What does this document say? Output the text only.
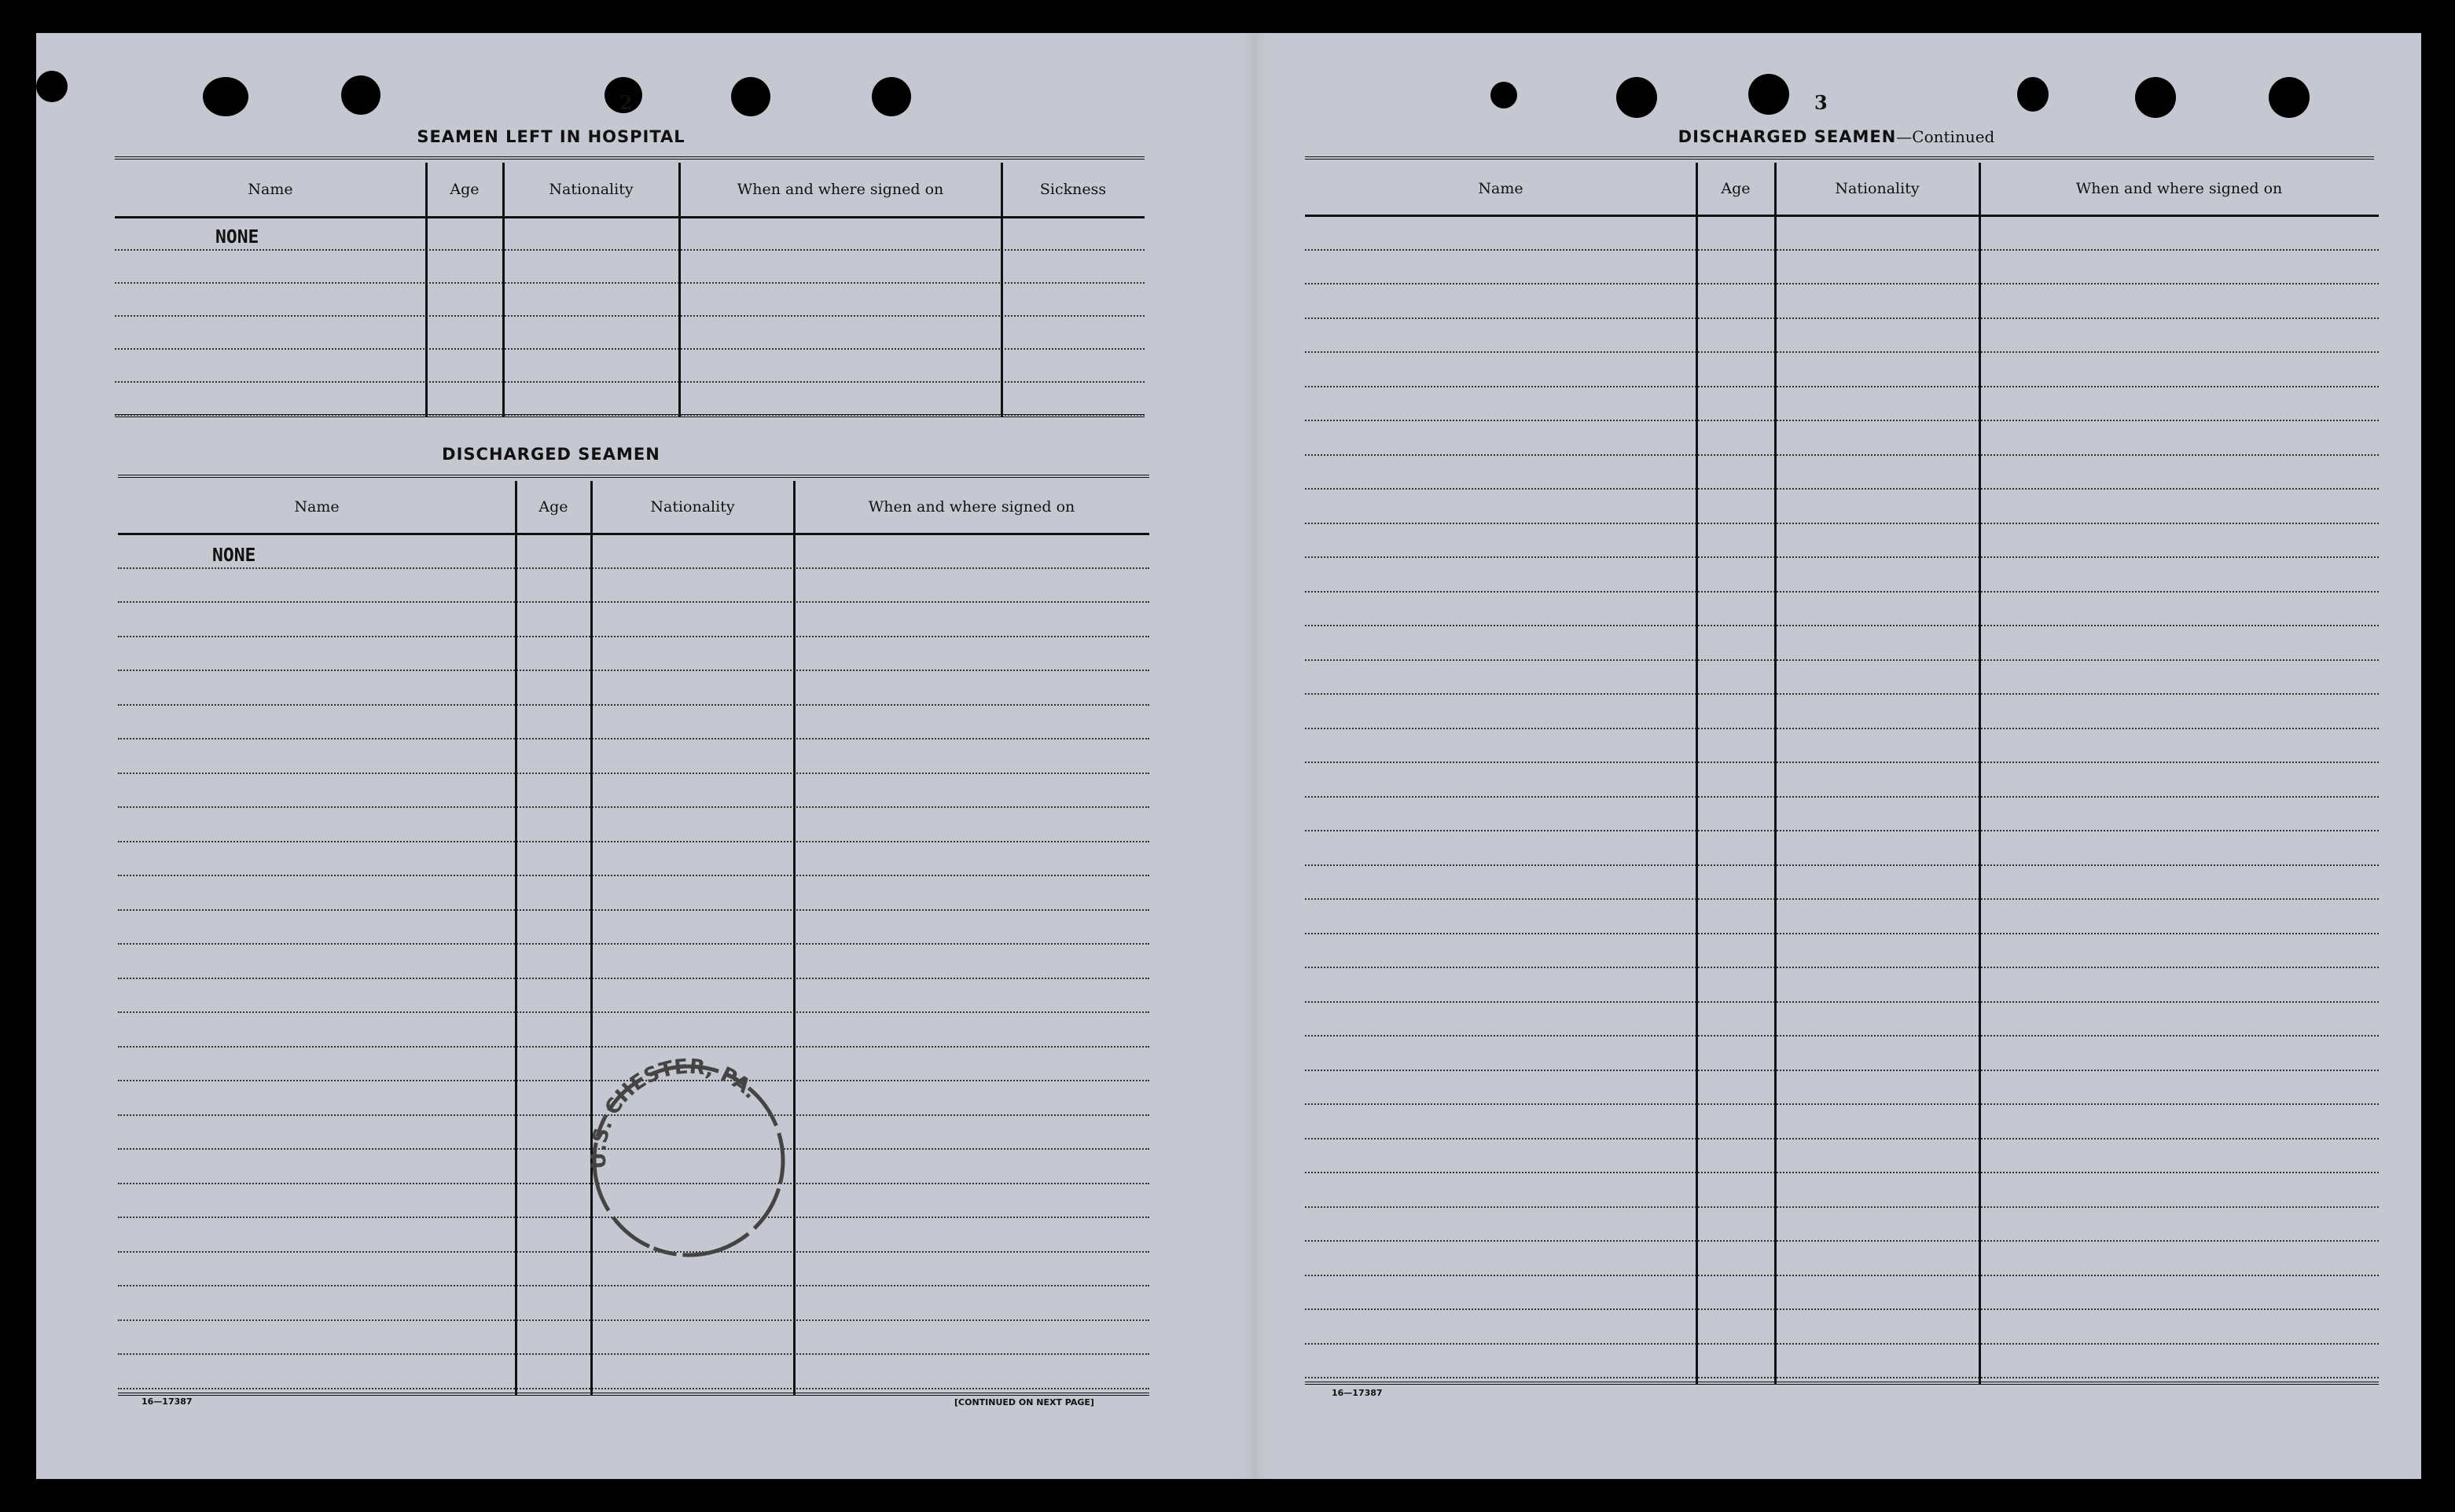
2
SEAMEN LEFT IN HOSPITAL
Name	Age	Nationality	When and where signed on	Sickness
NONE
DISCHARGED SEAMEN
Name	Age	Nationality	When and where signed on
NONE
16—17387	[CONTINUED ON NEXT PAGE]
U.S. CHESTER, PA.
3
DISCHARGED SEAMEN—Continued
Name	Age	Nationality	When and where signed on
16—17387
